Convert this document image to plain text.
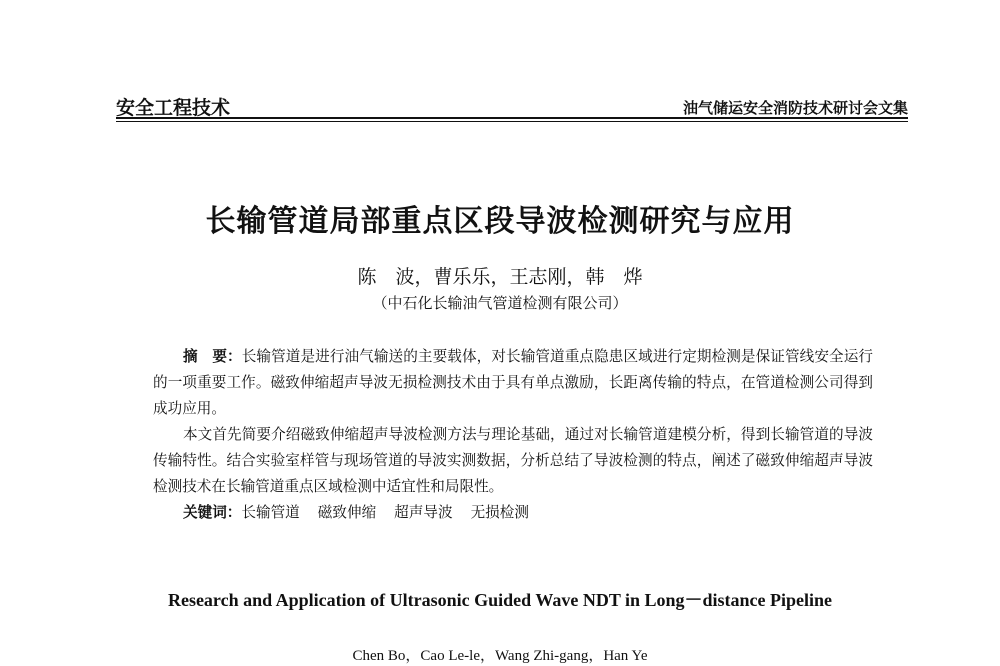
安全工程技术	油气储运安全消防技术研讨会文集
长输管道局部重点区段导波检测研究与应用
陈　波，曹乐乐，王志刚，韩　烨
（中石化长输油气管道检测有限公司）

摘　要：长输管道是进行油气输送的主要载体，对长输管道重点隐患区域进行定期检测是保证管线安全运行的一项重要工作。磁致伸缩超声导波无损检测技术由于具有单点激励，长距离传输的特点，在管道检测公司得到成功应用。

本文首先简要介绍磁致伸缩超声导波检测方法与理论基础，通过对长输管道建模分析，得到长输管道的导波传输特性。结合实验室样管与现场管道的导波实测数据，分析总结了导波检测的特点，阐述了磁致伸缩超声导波检测技术在长输管道重点区域检测中适宜性和局限性。

关键词：长输管道 磁致伸缩 超声导波 无损检测

Research and Application of Ultrasonic Guided Wave NDT in Long－distance Pipeline
Chen Bo，Cao Le-le，Wang Zhi-gang，Han Ye
